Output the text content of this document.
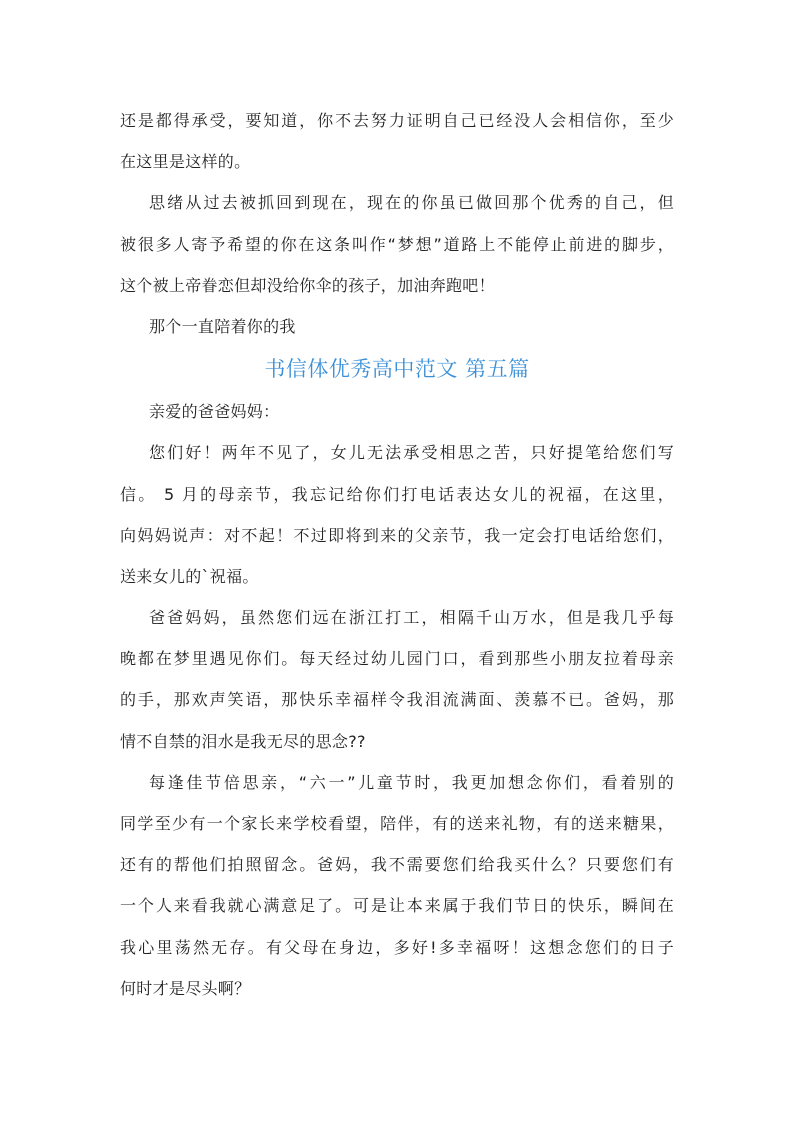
还是都得承受，要知道，你不去努力证明自己已经没人会相信你，至少
在这里是这样的。
思绪从过去被抓回到现在，现在的你虽已做回那个优秀的自己，但
被很多人寄予希望的你在这条叫作“梦想”道路上不能停止前进的脚步，
这个被上帝眷恋但却没给你伞的孩子，加油奔跑吧！
那个一直陪着你的我
书信体优秀高中范文 第五篇
亲爱的爸爸妈妈：
您们好！两年不见了，女儿无法承受相思之苦，只好提笔给您们写
信。 5 月的母亲节，我忘记给你们打电话表达女儿的祝福，在这里，
向妈妈说声：对不起！不过即将到来的父亲节，我一定会打电话给您们，
送来女儿的`祝福。
爸爸妈妈，虽然您们远在浙江打工，相隔千山万水，但是我几乎每
晚都在梦里遇见你们。每天经过幼儿园门口，看到那些小朋友拉着母亲
的手，那欢声笑语，那快乐幸福样令我泪流满面、羡慕不已。爸妈，那
情不自禁的泪水是我无尽的思念??
每逢佳节倍思亲，“六一”儿童节时，我更加想念你们，看着别的
同学至少有一个家长来学校看望，陪伴，有的送来礼物，有的送来糖果，
还有的帮他们拍照留念。爸妈，我不需要您们给我买什么？只要您们有
一个人来看我就心满意足了。可是让本来属于我们节日的快乐，瞬间在
我心里荡然无存。有父母在身边，多好!多幸福呀！这想念您们的日子
何时才是尽头啊？
